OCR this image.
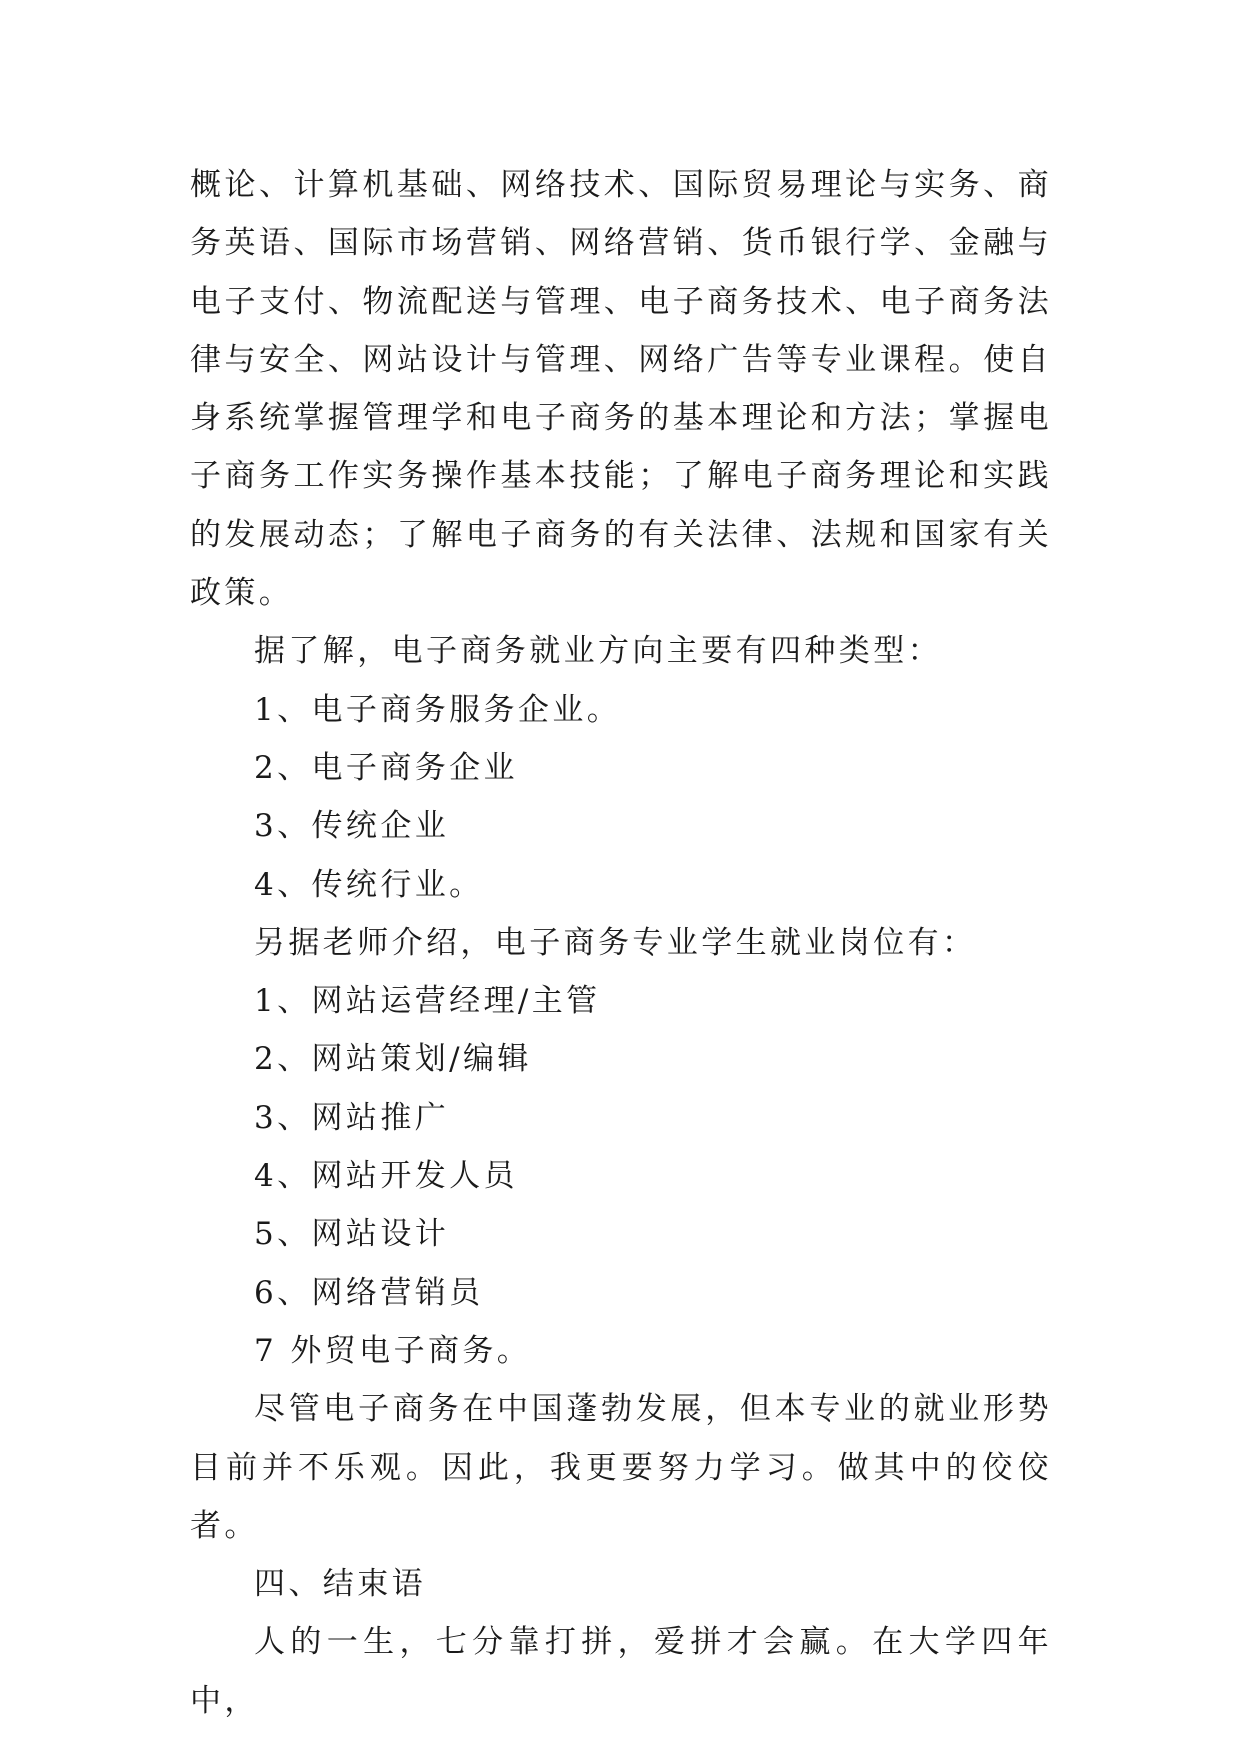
概论、计算机基础、网络技术、国际贸易理论与实务、商务英语、国际市场营销、网络营销、货币银行学、金融与电子支付、物流配送与管理、电子商务技术、电子商务法律与安全、网站设计与管理、网络广告等专业课程。使自身系统掌握管理学和电子商务的基本理论和方法；掌握电子商务工作实务操作基本技能；了解电子商务理论和实践的发展动态；了解电子商务的有关法律、法规和国家有关政策。

据了解，电子商务就业方向主要有四种类型：

1、电子商务服务企业。

2、电子商务企业

3、传统企业

4、传统行业。

另据老师介绍，电子商务专业学生就业岗位有：

1、网站运营经理/主管

2、网站策划/编辑

3、网站推广

4、网站开发人员

5、网站设计

6、网络营销员

7 外贸电子商务。

尽管电子商务在中国蓬勃发展，但本专业的就业形势目前并不乐观。因此，我更要努力学习。做其中的佼佼者。

四、结束语

人的一生，七分靠打拼，爱拼才会赢。在大学四年中，
